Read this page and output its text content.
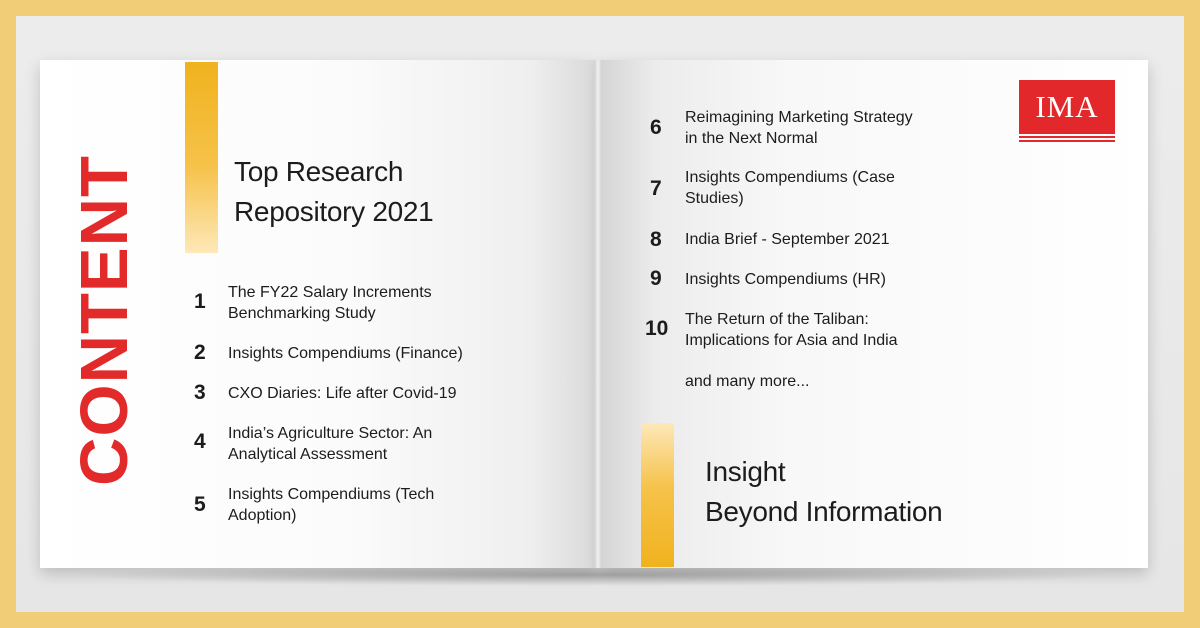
CONTENT	Top Research
Repository 2021
1 The FY22 Salary Increments
Benchmarking Study
2 Insights Compendiums (Finance)
3 CXO Diaries: Life after Covid-19
4 India’s Agriculture Sector: An
Analytical Assessment
5 Insights Compendiums (Tech
Adoption)
6 Reimagining Marketing Strategy
in the Next Normal
7 Insights Compendiums (Case
Studies)
8 India Brief - September 2021
9 Insights Compendiums (HR)
10 The Return of the Taliban:
Implications for Asia and India
and many more...
Insight
Beyond Information
IMA
